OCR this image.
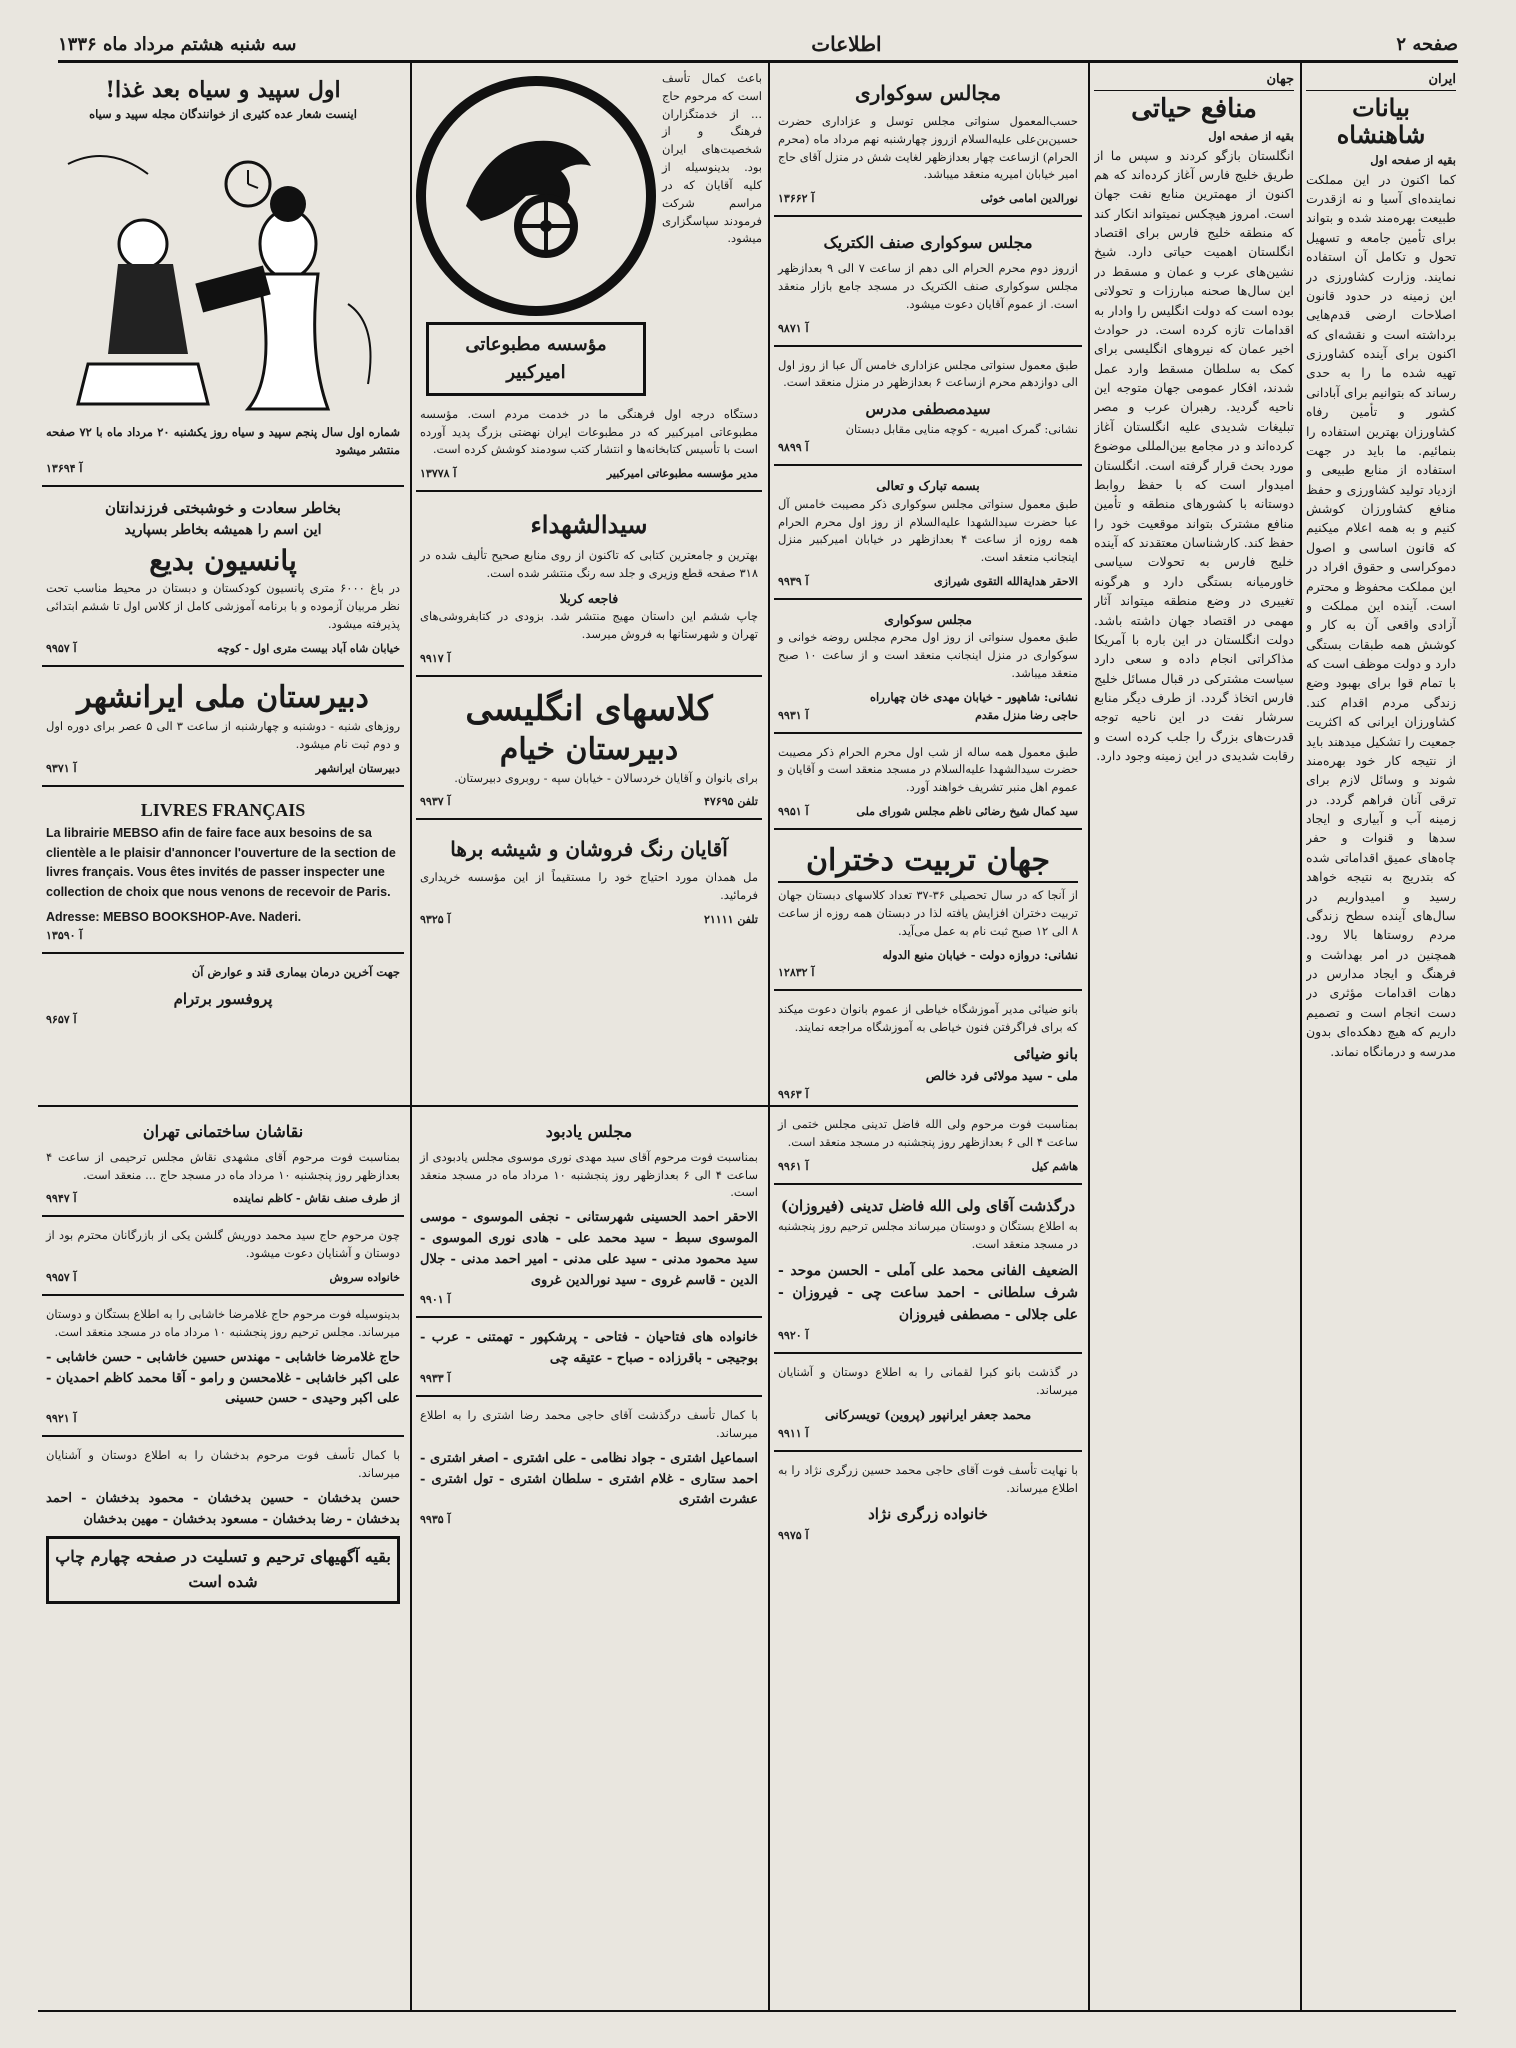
صفحه ۲
اطلاعات
سه شنبه هشتم مرداد ماه ۱۳۳۶
ایران
بیانات شاهنشاه
بقیه از صفحه اول

کما اکنون در این مملکت نماینده‌ای آسیا و نه ازقدرت طبیعت بهره‌مند شده و بتواند برای تأمین جامعه و تسهیل تحول و تکامل آن استفاده نمایند. وزارت کشاورزی در این زمینه در حدود قانون اصلاحات ارضی قدم‌هایی برداشته است و نقشه‌ای که اکنون برای آینده کشاورزی تهیه شده ما را به حدی رساند که بتوانیم برای آبادانی کشور و تأمین رفاه کشاورزان بهترین استفاده را بنمائیم. ما باید در جهت استفاده از منابع طبیعی و ازدیاد تولید کشاورزی و حفظ منافع کشاورزان کوشش کنیم و به همه اعلام میکنیم که قانون اساسی و اصول دموکراسی و حقوق افراد در این مملکت محفوظ و محترم است. آینده این مملکت و آزادی واقعی آن به کار و کوشش همه طبقات بستگی دارد و دولت موظف است که با تمام قوا برای بهبود وضع زندگی مردم اقدام کند. کشاورزان ایرانی که اکثریت جمعیت را تشکیل میدهند باید از نتیجه کار خود بهره‌مند شوند و وسائل لازم برای ترقی آنان فراهم گردد. در زمینه آب و آبیاری و ایجاد سدها و قنوات و حفر چاه‌های عمیق اقداماتی شده که بتدریج به نتیجه خواهد رسید و امیدواریم در سال‌های آینده سطح زندگی مردم روستاها بالا رود. همچنین در امر بهداشت و فرهنگ و ایجاد مدارس در دهات اقدامات مؤثری در دست انجام است و تصمیم داریم که هیچ دهکده‌ای بدون مدرسه و درمانگاه نماند.

جهان
منافع حیاتی
بقیه از صفحه اول

انگلستان بازگو کردند و سپس ما از طریق خلیج فارس آغاز کرده‌اند که هم اکنون از مهمترین منابع نفت جهان است. امروز هیچکس نمیتواند انکار کند که منطقه خلیج فارس برای اقتصاد انگلستان اهمیت حیاتی دارد. شیخ نشین‌های عرب و عمان و مسقط در این سال‌ها صحنه مبارزات و تحولاتی بوده است که دولت انگلیس را وادار به اقدامات تازه کرده است. در حوادث اخیر عمان که نیروهای انگلیسی برای کمک به سلطان مسقط وارد عمل شدند، افکار عمومی جهان متوجه این ناحیه گردید. رهبران عرب و مصر تبلیغات شدیدی علیه انگلستان آغاز کرده‌اند و در مجامع بین‌المللی موضوع مورد بحث قرار گرفته است. انگلستان امیدوار است که با حفظ روابط دوستانه با کشورهای منطقه و تأمین منافع مشترک بتواند موقعیت خود را حفظ کند. کارشناسان معتقدند که آینده خلیج فارس به تحولات سیاسی خاورمیانه بستگی دارد و هرگونه تغییری در وضع منطقه میتواند آثار مهمی در اقتصاد جهان داشته باشد. دولت انگلستان در این باره با آمریکا مذاکراتی انجام داده و سعی دارد سیاست مشترکی در قبال مسائل خلیج فارس اتخاذ گردد. از طرف دیگر منابع سرشار نفت در این ناحیه توجه قدرت‌های بزرگ را جلب کرده است و رقابت شدیدی در این زمینه وجود دارد.

مجالس سوکواری

حسب‌المعمول سنواتی مجلس توسل و عزاداری حضرت حسین‌بن‌علی علیه‌السلام ازروز چهارشنبه نهم مرداد ماه (محرم الحرام) ازساعت چهار بعدازظهر لغایت شش در منزل آقای حاج امیر خیابان امیریه منعقد میباشد.

نورالدین امامی خوئی
آ ۱۳۶۶۲
مجلس سوکواری صنف الکتریک

ازروز دوم محرم الحرام الی دهم از ساعت ۷ الی ۹ بعدازظهر مجلس سوکواری صنف الکتریک در مسجد جامع بازار منعقد است. از عموم آقایان دعوت میشود.

آ ۹۸۷۱

طبق معمول سنواتی مجلس عزاداری خامس آل عبا از روز اول الی دوازدهم محرم ازساعت ۶ بعدازظهر در منزل منعقد است.

سیدمصطفی مدرس
نشانی: گمرک امیریه - کوچه منایی مقابل دبستان
آ ۹۸۹۹
بسمه تبارک و تعالی

طبق معمول سنواتی مجلس سوکواری ذکر مصیبت خامس آل عبا حضرت سیدالشهدا علیه‌السلام از روز اول محرم الحرام همه روزه از ساعت ۴ بعدازظهر در خیابان امیرکبیر منزل اینجانب منعقد است.

الاحقر هدایةالله التقوی شیرازی
آ ۹۹۳۹
مجلس سوکواری

طبق معمول سنواتی از روز اول محرم مجلس روضه خوانی و سوکواری در منزل اینجانب منعقد است و از ساعت ۱۰ صبح منعقد میباشد.

نشانی: شاهپور - خیابان مهدی خان چهارراه
حاجی رضا منزل مقدم
آ ۹۹۳۱

طبق معمول همه ساله از شب اول محرم الحرام ذکر مصیبت حضرت سیدالشهدا علیه‌السلام در مسجد منعقد است و آقایان و عموم اهل منبر تشریف خواهند آورد.

سید کمال شیخ رضائی ناظم مجلس شورای ملی
آ ۹۹۵۱
جهان تربیت دختران

از آنجا که در سال تحصیلی ۳۶-۳۷ تعداد کلاسهای دبستان جهان تربیت دختران افزایش یافته لذا در دبستان همه روزه از ساعت ۸ الی ۱۲ صبح ثبت نام به عمل می‌آید.

نشانی: دروازه دولت - خیابان منیع الدوله
آ ۱۲۸۳۲

بانو ضیائی مدیر آموزشگاه خیاطی از عموم بانوان دعوت میکند که برای فراگرفتن فنون خیاطی به آموزشگاه مراجعه نمایند.

بانو ضیائی
ملی - سید مولائی فرد خالص
آ ۹۹۶۳

باعث کمال تأسف است که مرحوم حاج ... از خدمتگزاران فرهنگ و از شخصیت‌های ایران بود. بدینوسیله از کلیه آقایان که در مراسم شرکت فرمودند سپاسگزاری میشود.

مؤسسه مطبوعاتی امیرکبیر

دستگاه درجه اول فرهنگی ما در خدمت مردم است. مؤسسه مطبوعاتی امیرکبیر که در مطبوعات ایران نهضتی بزرگ پدید آورده است با تأسیس کتابخانه‌ها و انتشار کتب سودمند کوشش کرده است.

مدیر مؤسسه مطبوعاتی امیرکبیر
آ ۱۳۷۷۸
سیدالشهداء

بهترین و جامعترین کتابی که تاکنون از روی منابع صحیح تألیف شده در ۳۱۸ صفحه قطع وزیری و جلد سه رنگ منتشر شده است.

فاجعه کربلا

چاپ ششم این داستان مهیج منتشر شد. بزودی در کتابفروشی‌های تهران و شهرستانها به فروش میرسد.

آ ۹۹۱۷
کلاسهای انگلیسی
دبیرستان خیام

برای بانوان و آقایان خردسالان - خیابان سپه - روبروی دبیرستان.

تلفن ۴۷۶۹۵
آ ۹۹۳۷
آقایان رنگ فروشان و شیشه برها

مل همدان مورد احتیاج خود را مستقیماً از این مؤسسه خریداری فرمائید.

تلفن ۲۱۱۱۱
آ ۹۳۲۵
اول سپید و سیاه بعد غذا!
اینست شعار عده کثیری از خوانندگان مجله سپید و سیاه
شماره اول سال پنجم سپید و سیاه روز یکشنبه ۲۰ مرداد ماه با ۷۲ صفحه منتشر میشود
آ ۱۳۶۹۴
بخاطر سعادت و خوشبختی فرزندانتان
این اسم را همیشه بخاطر بسپارید
پانسیون بدیع

در باغ ۶۰۰۰ متری پانسیون کودکستان و دبستان در محیط مناسب تحت نظر مربیان آزموده و با برنامه آموزشی کامل از کلاس اول تا ششم ابتدائی پذیرفته میشود.

خیابان شاه آباد بیست متری اول - کوچه
آ ۹۹۵۷
دبیرستان ملی ایرانشهر

روزهای شنبه - دوشنبه و چهارشنبه از ساعت ۳ الی ۵ عصر برای دوره اول و دوم ثبت نام میشود.

دبیرستان ایرانشهر
آ ۹۳۷۱
LIVRES FRANÇAIS

La librairie MEBSO afin de faire face aux besoins de sa clientèle a le plaisir d'annoncer l'ouverture de la section de livres français. Vous êtes invités de passer inspecter une collection de choix que nous venons de recevoir de Paris.

Adresse: MEBSO BOOKSHOP-Ave. Naderi.
آ ۱۳۵۹۰

جهت آخرین درمان بیماری قند و عوارض آن

پروفسور برترام
آ ۹۶۵۷

بمناسبت فوت مرحوم ولی الله فاضل تدینی مجلس ختمی از ساعت ۴ الی ۶ بعدازظهر روز پنجشنبه در مسجد منعقد است.

هاشم کیل
آ ۹۹۶۱
درگذشت آقای ولی الله فاضل تدینی (فیروزان)

به اطلاع بستگان و دوستان میرساند مجلس ترحیم روز پنجشنبه در مسجد منعقد است.

الضعیف الفانی محمد علی آملی - الحسن موحد - شرف سلطانی - احمد ساعت چی - فیروزان - علی جلالی - مصطفی فیروزان
آ ۹۹۲۰

در گذشت بانو کبرا لقمانی را به اطلاع دوستان و آشنایان میرساند.

محمد جعفر ایرانپور (پروین) تویسرکانی
آ ۹۹۱۱

با نهایت تأسف فوت آقای حاجی محمد حسین زرگری نژاد را به اطلاع میرساند.

خانواده زرگری نژاد
آ ۹۹۷۵
مجلس یادبود

بمناسبت فوت مرحوم آقای سید مهدی نوری موسوی مجلس یادبودی از ساعت ۴ الی ۶ بعدازظهر روز پنجشنبه ۱۰ مرداد ماه در مسجد منعقد است.

الاحقر احمد الحسینی شهرستانی - نجفی الموسوی - موسی الموسوی سبط - سید محمد علی - هادی نوری الموسوی - سید محمود مدنی - سید علی مدنی - امیر احمد مدنی - جلال الدین - قاسم غروی - سید نورالدین غروی
آ ۹۹۰۱
خانواده های فتاحیان - فتاحی - پرشکپور - تهمتنی - عرب - بوجیجی - باقرزاده - صباح - عتیقه چی
آ ۹۹۳۳

با کمال تأسف درگذشت آقای حاجی محمد رضا اشتری را به اطلاع میرساند.

اسماعیل اشتری - جواد نظامی - علی اشتری - اصغر اشتری - احمد ستاری - غلام اشتری - سلطان اشتری - تول اشتری - عشرت اشتری
آ ۹۹۳۵
نقاشان ساختمانی تهران

بمناسبت فوت مرحوم آقای مشهدی نقاش مجلس ترحیمی از ساعت ۴ بعدازظهر روز پنجشنبه ۱۰ مرداد ماه در مسجد حاج ... منعقد است.

از طرف صنف نقاش - کاظم نماینده
آ ۹۹۴۷

چون مرحوم حاج سید محمد دوریش گلشن یکی از بازرگانان محترم بود از دوستان و آشنایان دعوت میشود.

خانواده سروش
آ ۹۹۵۷

بدینوسیله فوت مرحوم حاج غلامرضا خاشابی را به اطلاع بستگان و دوستان میرساند. مجلس ترحیم روز پنجشنبه ۱۰ مرداد ماه در مسجد منعقد است.

حاج غلامرضا خاشابی - مهندس حسین خاشابی - حسن خاشابی - علی اکبر خاشابی - غلامحسن و رامو - آقا محمد کاظم احمدیان - علی اکبر وحیدی - حسن حسینی
آ ۹۹۲۱

با کمال تأسف فوت مرحوم بدخشان را به اطلاع دوستان و آشنایان میرساند.

حسن بدخشان - حسین بدخشان - محمود بدخشان - احمد بدخشان - رضا بدخشان - مسعود بدخشان - مهین بدخشان
بقیه آگهیهای ترحیم و تسلیت در صفحه چهارم چاپ شده است
